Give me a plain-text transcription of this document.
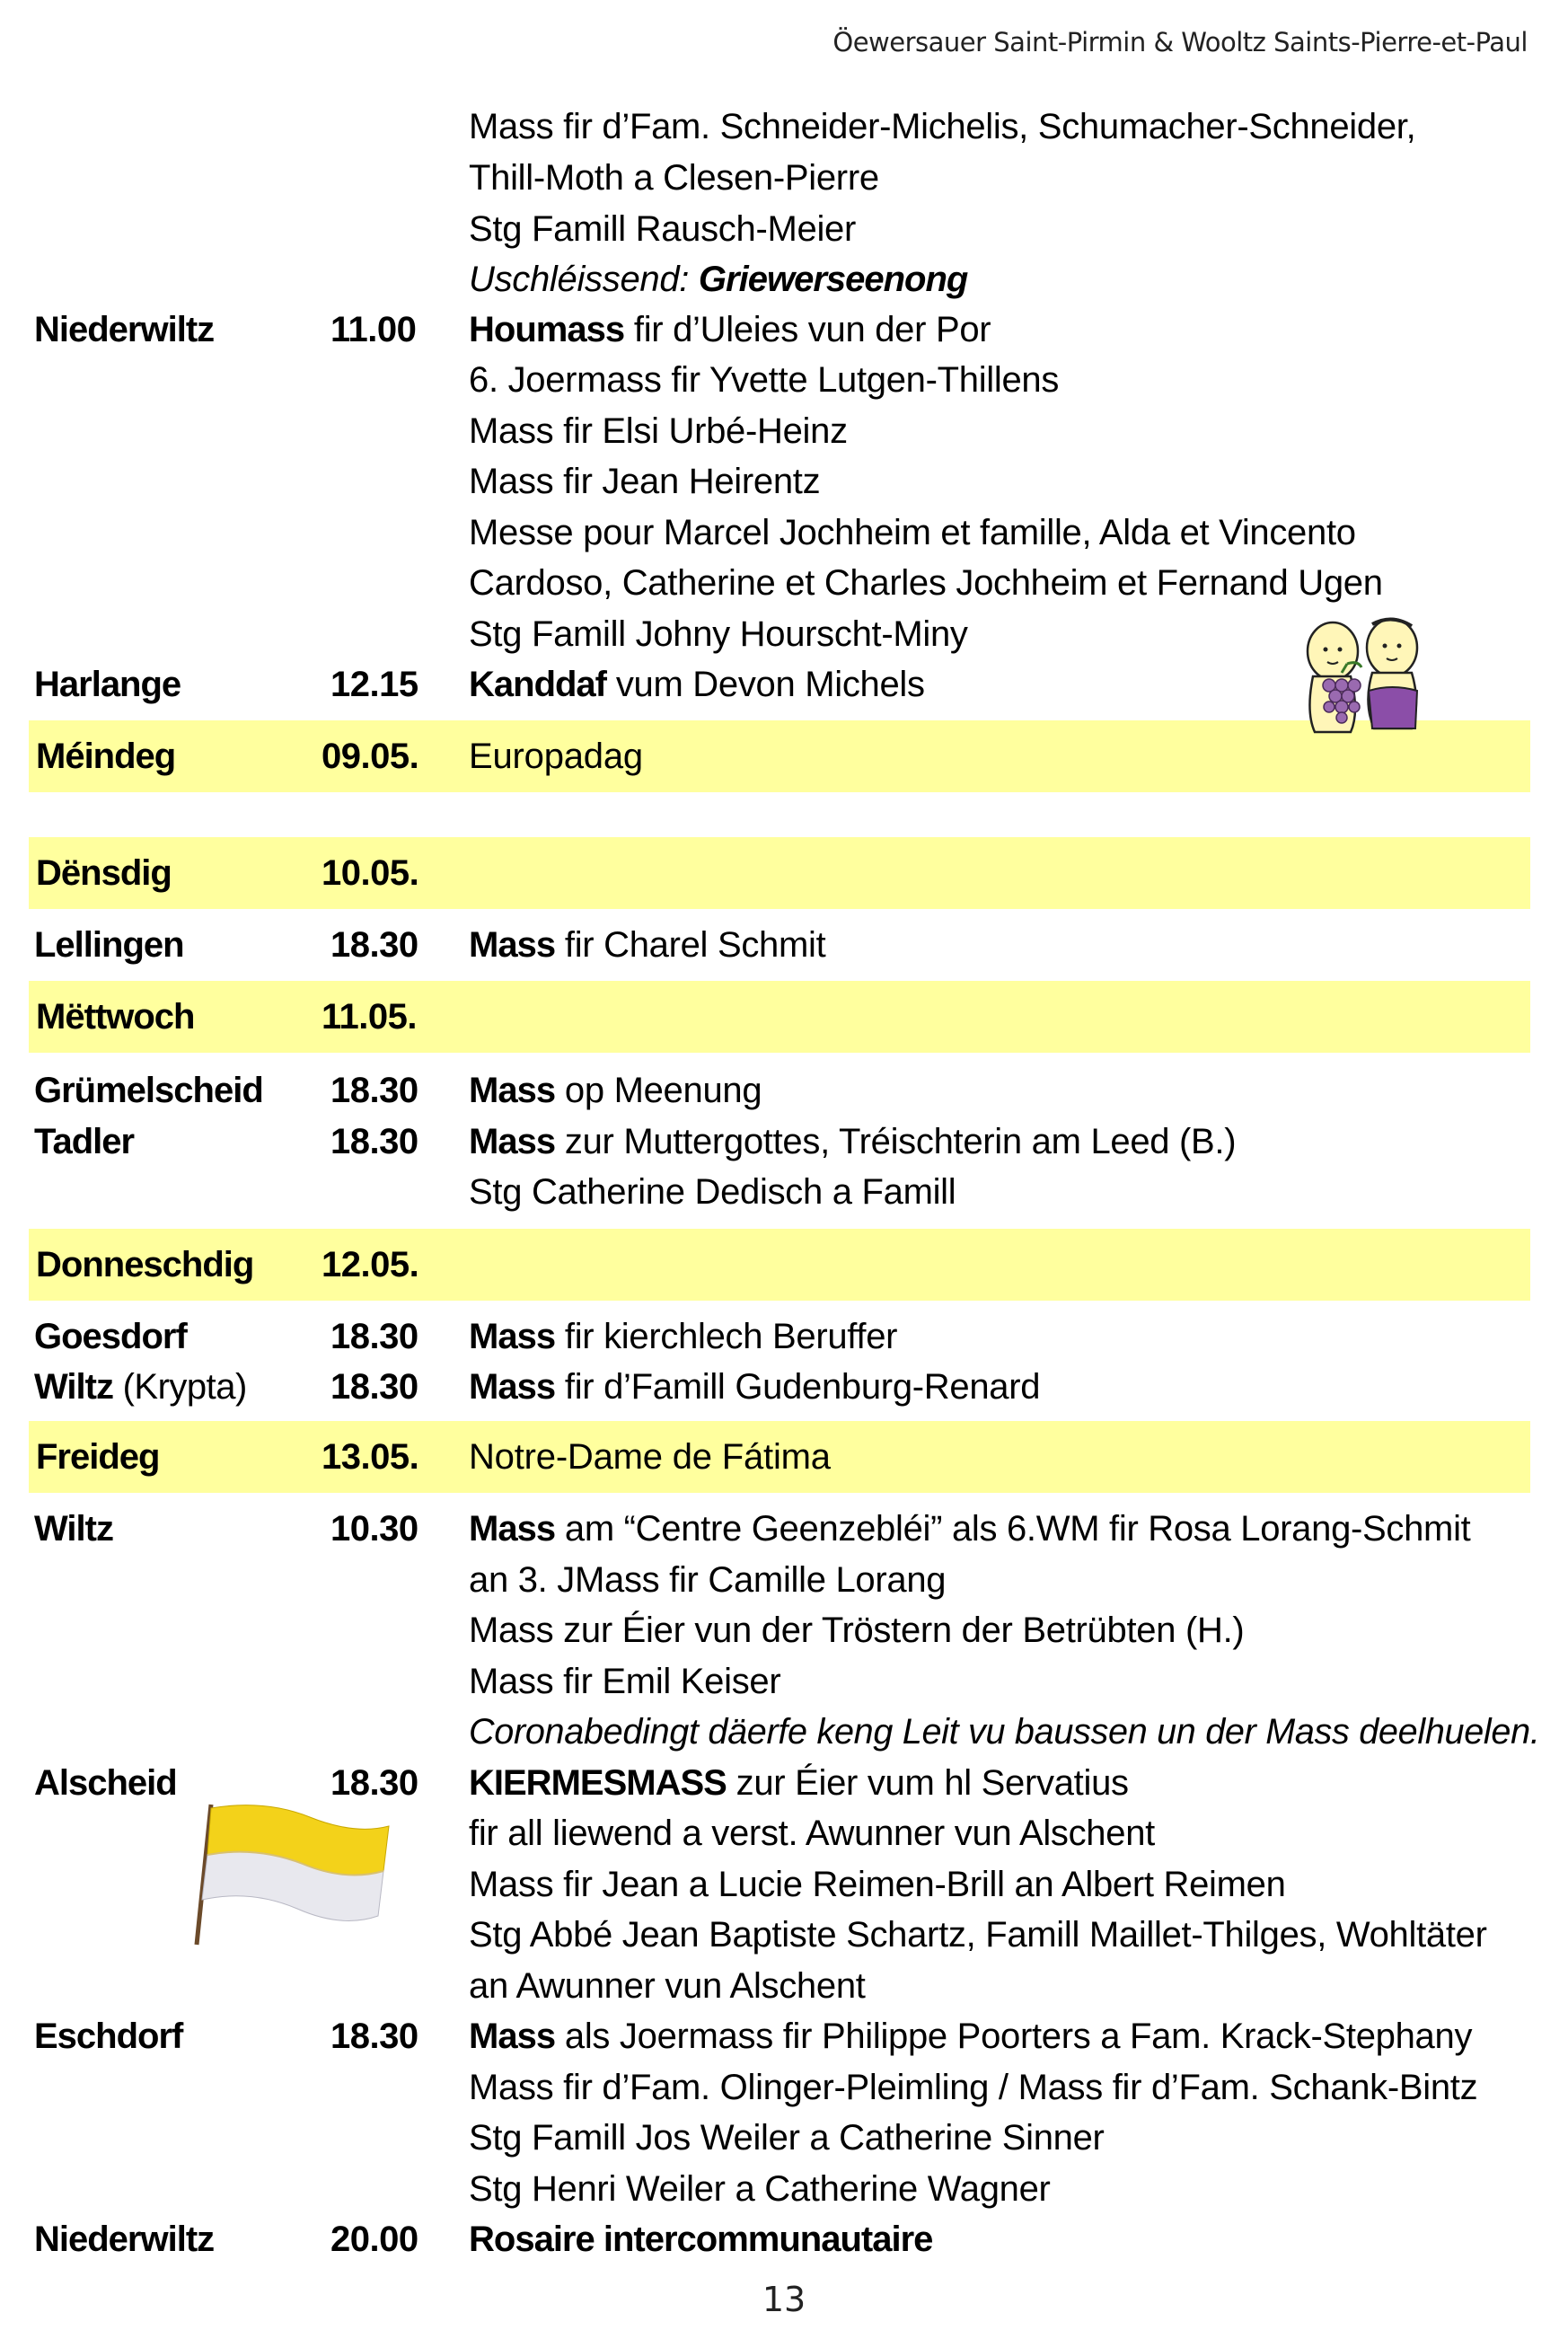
Öewersauer Saint-Pirmin & Wooltz Saints-Pierre-et-Paul
Mass fir d’Fam. Schneider-Michelis, Schumacher-Schneider,
Thill-Moth a Clesen-Pierre
Stg Famill Rausch-Meier
Uschléissend: Griewerseenong
Niederwiltz	11.00 Houmass fir d’Uleies vun der Por
6. Joermass fir Yvette Lutgen-Thillens
Mass fir Elsi Urbé-Heinz
Mass fir Jean Heirentz
Messe pour Marcel Jochheim et famille, Alda et Vincento
Cardoso, Catherine et Charles Jochheim et Fernand Ugen
Stg Famill Johny Hourscht-Miny
Harlange	12.15 Kanddaf vum Devon Michels
Méindeg	09.05. Europadag
Dënsdig	10.05.
Lellingen	18.30 Mass fir Charel Schmit
Mëttwoch	11.05.
Grümelscheid 18.30 Mass op Meenung
Tadler	18.30 Mass zur Muttergottes, Tréischterin am Leed (B.)
Stg Catherine Dedisch a Famill
Donneschdig 12.05.
Goesdorf	18.30 Mass fir kierchlech Beruffer
Wiltz (Krypta) 18.30 Mass fir d’Famill Gudenburg-Renard
Freideg	13.05. Notre-Dame de Fátima
Wiltz	10.30 Mass am “Centre Geenzebléi” als 6.WM fir Rosa Lorang-Schmit
an 3. JMass fir Camille Lorang
Mass zur Éier vun der Tröstern der Betrübten (H.)
Mass fir Emil Keiser
Coronabedingt däerfe keng Leit vu baussen un der Mass deelhuelen.
Alscheid	18.30 KIERMESMASS zur Éier vum hl Servatius
fir all liewend a verst. Awunner vun Alschent
Mass fir Jean a Lucie Reimen-Brill an Albert Reimen
Stg Abbé Jean Baptiste Schartz, Famill Maillet-Thilges, Wohltäter
an Awunner vun Alschent
Eschdorf	18.30 Mass als Joermass fir Philippe Poorters a Fam. Krack-Stephany
Mass fir d’Fam. Olinger-Pleimling / Mass fir d’Fam. Schank-Bintz
Stg Famill Jos Weiler a Catherine Sinner
Stg Henri Weiler a Catherine Wagner
Niederwiltz	20.00 Rosaire intercommunautaire
13
